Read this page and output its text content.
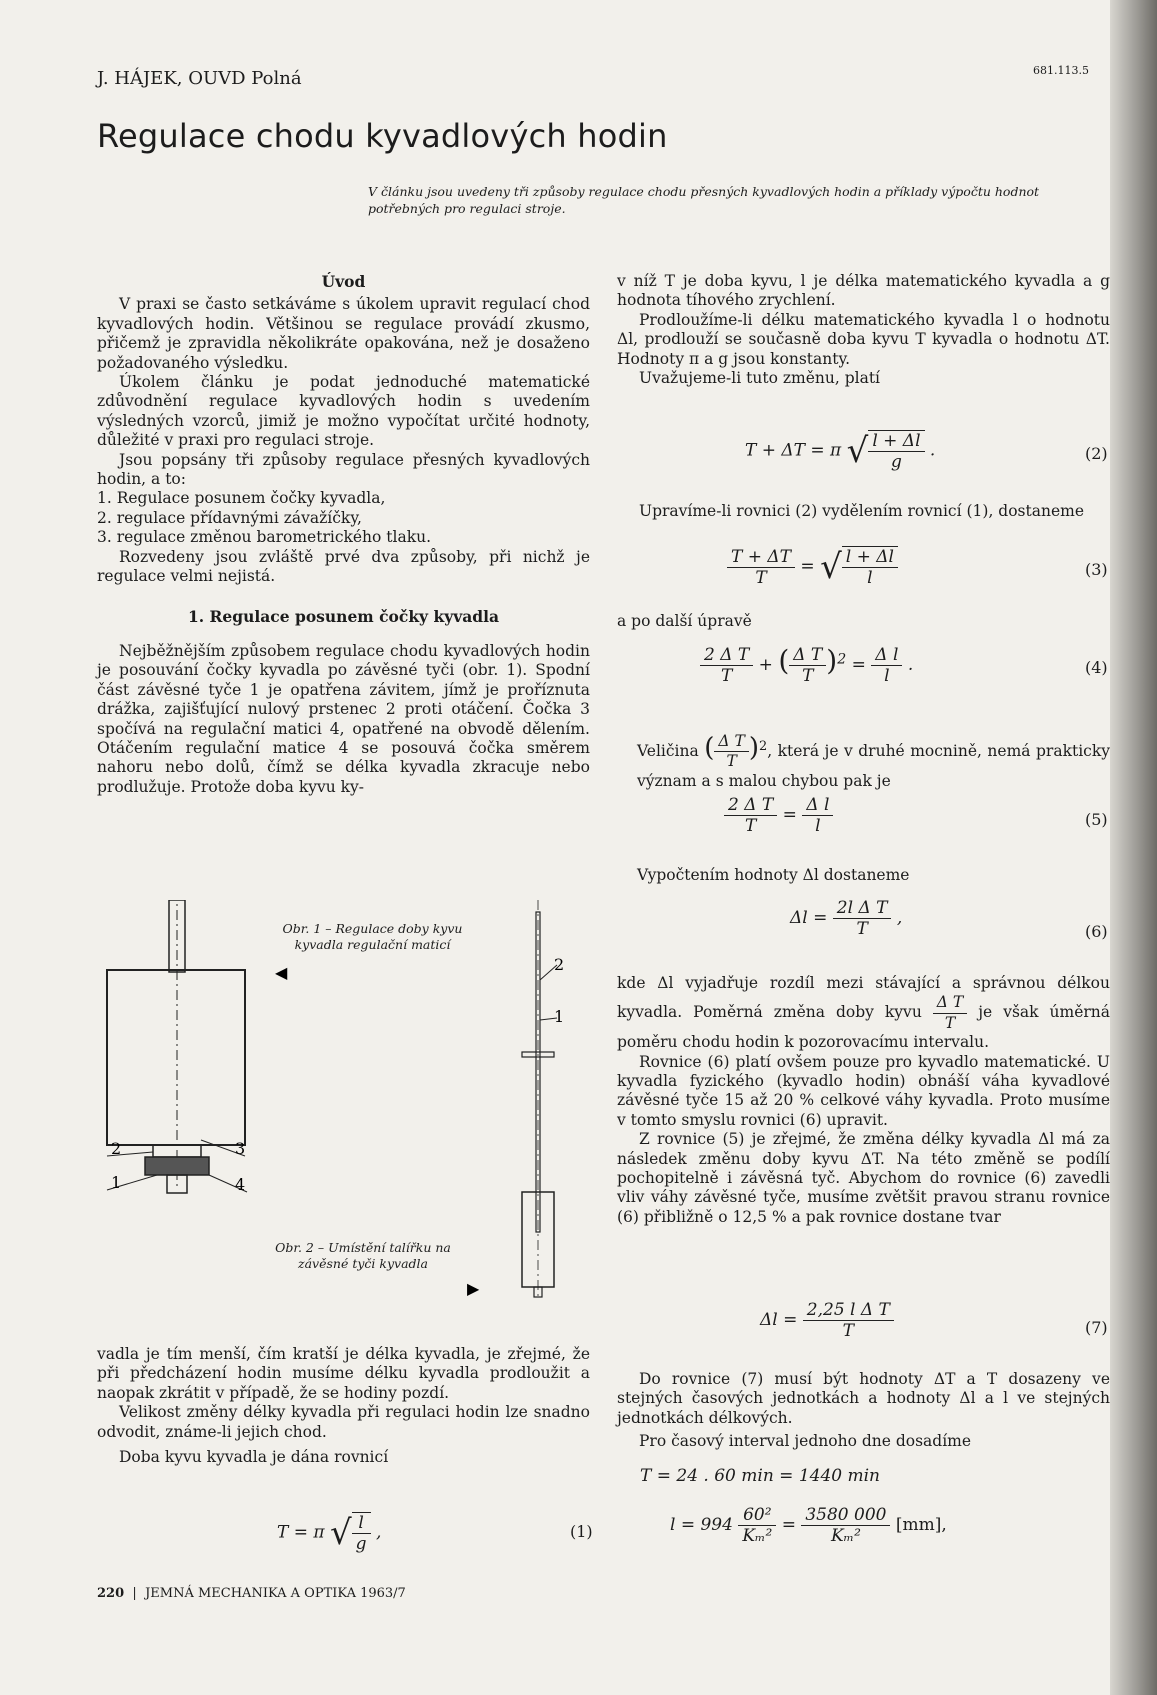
J. HÁJEK, OUVD Polná	681.113.5
Regulace chodu kyvadlových hodin
V článku jsou uvedeny tři způsoby regulace chodu přesných kyvadlových hodin a příklady výpočtu hodnot potřebných pro regulaci stroje.

Úvod

V praxi se často setkáváme s úkolem upravit regulací chod kyvadlových hodin. Většinou se regulace provádí zkusmo, přičemž je zpravidla několikráte opakována, než je dosaženo požadovaného výsledku.

Úkolem článku je podat jednoduché matematické zdůvodnění regulace kyvadlových hodin s uvedením výsledných vzorců, jimiž je možno vypočítat určité hodnoty, důležité v praxi pro regulaci stroje.

Jsou popsány tři způsoby regulace přesných kyvadlových hodin, a to:

1. Regulace posunem čočky kyvadla,

2. regulace přídavnými závažíčky,

3. regulace změnou barometrického tlaku.

Rozvedeny jsou zvláště prvé dva způsoby, při nichž je regulace velmi nejistá.

1. Regulace posunem čočky kyvadla

Nejběžnějším způsobem regulace chodu kyvadlových hodin je posouvání čočky kyvadla po závěsné tyči (obr. 1). Spodní část závěsné tyče 1 je opatřena závitem, jímž je proříznuta drážka, zajišťující nulový prstenec 2 proti otáčení. Čočka 3 spočívá na regulační matici 4, opatřené na obvodě dělením. Otáčením regulační matice 4 se posouvá čočka směrem nahoru nebo dolů, čímž se délka kyvadla zkracuje nebo prodlužuje. Protože doba kyvu ky-

2	3
1	4
2
1
◀
▶
Obr. 1 – Regulace doby kyvu kyvadla regulační maticí
Obr. 2 – Umístění talířku na závěsné tyči kyvadla

vadla je tím menší, čím kratší je délka kyvadla, je zřejmé, že při předcházení hodin musíme délku kyvadla prodloužit a naopak zkrátit v případě, že se hodiny pozdí.

Velikost změny délky kyvadla při regulaci hodin lze snadno odvodit, známe-li jejich chod.

Doba kyvu kyvadla je dána rovnicí

T = π √ $\frac{l}{g}$ ,	(1)

v níž T je doba kyvu, l je délka matematického kyvadla a g hodnota tíhového zrychlení.

Prodloužíme-li délku matematického kyvadla l o hodnotu Δl, prodlouží se současně doba kyvu T kyvadla o hodnotu ΔT. Hodnoty π a g jsou konstanty.

Uvažujeme-li tuto změnu, platí

T + ΔT = π √ $\frac{l + \Delta l}{g}$ .	(2)

Upravíme-li rovnici (2) vydělením rovnicí (1), dostaneme

$\frac{T + \Delta T}{T}$ = √ $\frac{l + \Delta l}{l}$	(3)

a po další úpravě

$\frac{\text{2 Δ T}}{T}$ + ( $\frac{\text{Δ T}}{T} )^2 = \frac{\text{Δ l}}{l}$ .	(4)

Veličina ( $\frac{\text{Δ T}}{T} )^2$, která je v druhé mocnině, nemá prakticky význam a s malou chybou pak je

$\frac{\text{2 Δ T}}{T} = \frac{\text{Δ l}}{l}$	(5)

Vypočtením hodnoty Δl dostaneme

$\Delta l = \frac{\text{2l Δ T}}{T}$ ,
(6)

kde Δl vyjadřuje rozdíl mezi stávající a správnou délkou kyvadla. Poměrná změna doby kyvu $\frac{\text{Δ T}}{T}$ je však úměrná poměru chodu hodin k pozorovacímu intervalu.

Rovnice (6) platí ovšem pouze pro kyvadlo matematické. U kyvadla fyzického (kyvadlo hodin) obnáší váha kyvadlové závěsné tyče 15 až 20 % celkové váhy kyvadla. Proto musíme v tomto smyslu rovnici (6) upravit.

Z rovnice (5) je zřejmé, že změna délky kyvadla Δl má za následek změnu doby kyvu ΔT. Na této změně se podílí pochopitelně i závěsná tyč. Abychom do rovnice (6) zavedli vliv váhy závěsné tyče, musíme zvětšit pravou stranu rovnice (6) přibližně o 12,5 % a pak rovnice dostane tvar

$\Delta l = \frac{\text{2,25 l Δ T}}{T}$	(7)

Do rovnice (7) musí být hodnoty ΔT a T dosazeny ve stejných časových jednotkách a hodnoty Δl a l ve stejných jednotkách délkových.

Pro časový interval jednoho dne dosadíme

T = 24 . 60 min = 1440 min
$l = 994 \frac{\text{60²}}{\text{Kₘ²}} = \frac{3580 000}{\text{Kₘ²}} [mm]$,
220  |  JEMNÁ MECHANIKA A OPTIKA 1963/7
